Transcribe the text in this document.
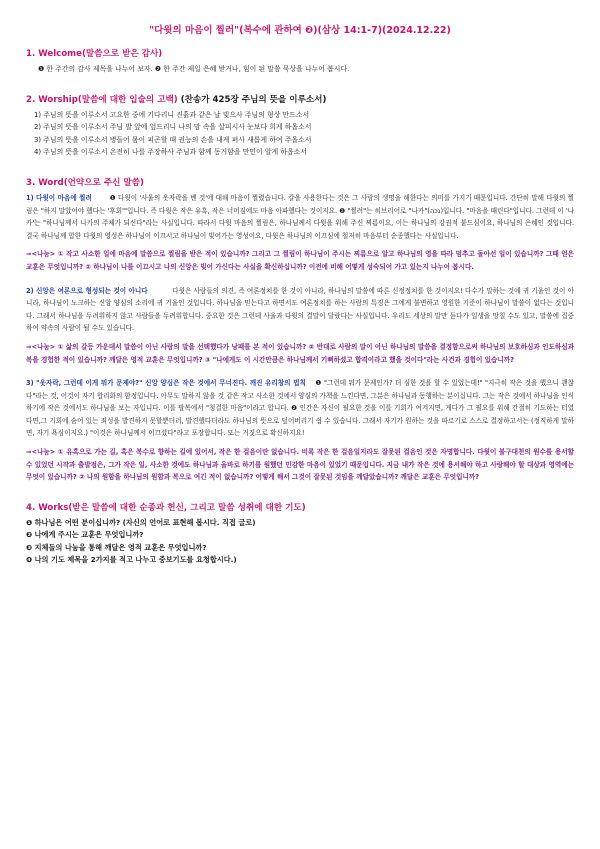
"다윗의 마음이 찔러"(복수에 관하여 ❷)(삼상 14:1-7)(2024.12.22)
1. Welcome(말씀으로 받은 감사)
❶ 한 주간의 감사 제목을 나누어 보자. ❷ 한 주간 제일 은혜 받거나, 힘이 된 말씀 묵상을 나누어 봅시다.
2. Worship(말씀에 대한 입술의 고백) (찬송가 425장 주님의 뜻을 이루소서)
1) 주님의 뜻을 이루소서 고요한 중에 기다리니 진흙과 같은 날 빚으사 주님의 형상 만드소서
2) 주님의 뜻을 이루소서 주님 발 앞에 엎드리니 나의 맘 속을 살피시사 눈보다 희게 하옵소서
3) 주님의 뜻을 이루소서 병들어 몸이 피곤할 때 권능의 손을 내게 펴사 새롭게 하여 주옵소서
4) 주님의 뜻을 이루소서 온전히 나를 주장하사 주님과 함께 동거함을 만민이 알게 하옵소서
3. Word(언약으로 주신 말씀)

1) 다윗이 마음에 찔려	❶ 다윗이 '사울의 옷자락을 벤 것'에 대해 마음이 찔렸습니다. 칼을 사용한다는 것은 그 사람의 생명을 해한다는 의미를 가지기 때문입니다. 간단히 말해 다윗의 찔림은 "하지 말았어야 했다는 '후회'"입니다. 즉 다윗은 작은 유혹, 작은 너머짐에도 마음 아파했다는 것이지요. ❷ "찔려"는 히브리어로 "나카"(נכה)입니다. "마음을 때린다"입니다. 그런데 이 '나카'는 "하나님께서 나카의 주체가 되신다"라는 사실입니다. 따라서 다윗 마음의 찔림은, 하나님께서 다윗을 위해 주신 찌름이요, 이는 하나님의 강권적 붙드심이요, 하나님의 은혜인 것입니다. 결국 하나님께 합한 다윗의 영성은 하나님이 이끄시고 하나님이 빚어가는 영성이요, 다윗은 하나님의 이끄심에 철저히 마음부터 순종했다는 사실입니다.

⇒<나눔> ① 작고 사소한 일에 마음에 말씀으로 찔림을 받은 적이 있습니까? 그리고 그 찔림이 하나님이 주시는 찌름으로 알고 하나님의 영을 따라 멈추고 돌아선 일이 있습니까? 그때 얻은 교훈은 무엇입니까? ② 하나님이 나를 이끄시고 나의 신앙은 빚어 가신다는 사실을 확신하십니까? 이전에 비해 어떻게 성숙되어 가고 있는지 나누어 봅시다.

2) 신앙은 여론으로 형성되는 것이 아니다	다윗은 사람들의 의견, 즉 여론정치를 한 것이 아니라, 하나님의 말씀에 따른 신정정치를 한 것이지요! 다수가 말하는 것에 귀 기울인 것이 아니라, 하나님이 노크하는 신앙 양심의 소리에 귀 기울인 것입니다. 하나님을 믿는다고 하면서도 여론정치를 하는 사람의 특징은 그에게 불변하고 영원한 기준이 하나님이 말씀이 없다는 것입니다. 그래서 하나님을 두려워하지 않고 사람들을 두려워합니다. 중요한 것은 그런데 사울과 다윗의 결말이 달랐다는 사실입니다. 우리도 세상의 말만 듣다가 일생을 망칠 수도 있고, 말씀에 집중하여 약속의 사람이 될 수도 있습니다.

⇒<나눔> ① 삶의 갈등 가운데서 말씀이 아닌 사람의 말을 선택했다가 낭패를 본 적이 있습니까? ② 반대로 사람의 말이 아닌 하나님의 말씀을 결정함으로써 하나님의 보호하심과 인도하심과 복을 경험한 적이 있습니까? 깨달은 영적 교훈은 무엇입니까? ③ "나에게도 이 시간만큼은 하나님께서 기뻐하셨고 합격이라고 했을 것이다"라는 사건과 경험이 있습니까?

3) "옷자락, 그런데 이게 뭐가 문제야?" 신앙 양심은 작은 것에서 무너진다. 깨진 유리창의 법칙 ❶ "그런데 뭐가 문제인가? 더 심한 것을 할 수 있었는데!" "지극히 작은 것을 했으니 괜찮다"라는 것, 이것이 자기 합리화의 함정입니다. 아무도 말하지 않을 것 같은 작고 사소한 것에서 양심의 가책을 느낀다면, 그분은 하나님과 동행하는 분이십니다. 그는 작은 것에서 하나님을 인식하기에 작은 것에서도 하나님을 보는 자입니다. 이를 팔복에서 "청결한 마음"이라고 합니다. ❷ 인간은 자신이 필요한 것을 이를 기회가 여겨지면, 게다가 그 필요를 위해 간절히 기도하는 터였다면,그 기회에 숨어 있는 죄성을 발견하지 못할뿐더러, 발견했다더라도 하나님의 뜻으로 덮어버리기 쉽 수 있습니다. 그래서 자기가 원하는 것을 따르기로 스스로 결정하고서는 (정직하게 말하면, 자기 욕심이지요.) "이것은 하나님께서 이끄셨다"라고 포장합니다. 또는 거짓으로 확신하지요!

⇒<나눔> ① 유혹으로 가는 길, 혹은 복수로 향하는 길에 있어서, 작은 한 걸음이란 없습니다. 비록 작은 한 걸음일지라도 잘못된 걸음인 것은 자명합니다. 다윗이 불구대천의 원수를 용서할 수 있었던 시작과 출발점은, 그가 작은 일, 사소한 것에도 하나님과 올바로 하기를 원했던 민감한 마음이 있었기 때문입니다. 지금 내가 작은 것에 용서해야 하고 사랑해야 할 대상과 영역에는 무엇이 있습니까? ② 나의 원함을 하나님의 원함과 복으로 여긴 적이 없습니까? 어떻게 해서 그것이 잘못된 것임을 깨달았습니까? 깨달은 교훈은 무엇입니까?

4. Works(받은 말씀에 대한 순종과 헌신, 그리고 말씀 성취에 대한 기도)
❶ 하나님은 어떤 분이십니까? (자신의 언어로 표현해 봅시다. 직접 글로)
❷ 나에게 주시는 교훈은 무엇입니까?
❸ 지체들의 나눔을 통해 깨달은 영적 교훈은 무엇입니까?
❹ 나의 기도 제목을 2가지를 적고 나누고 중보기도를 요청합시다.)
